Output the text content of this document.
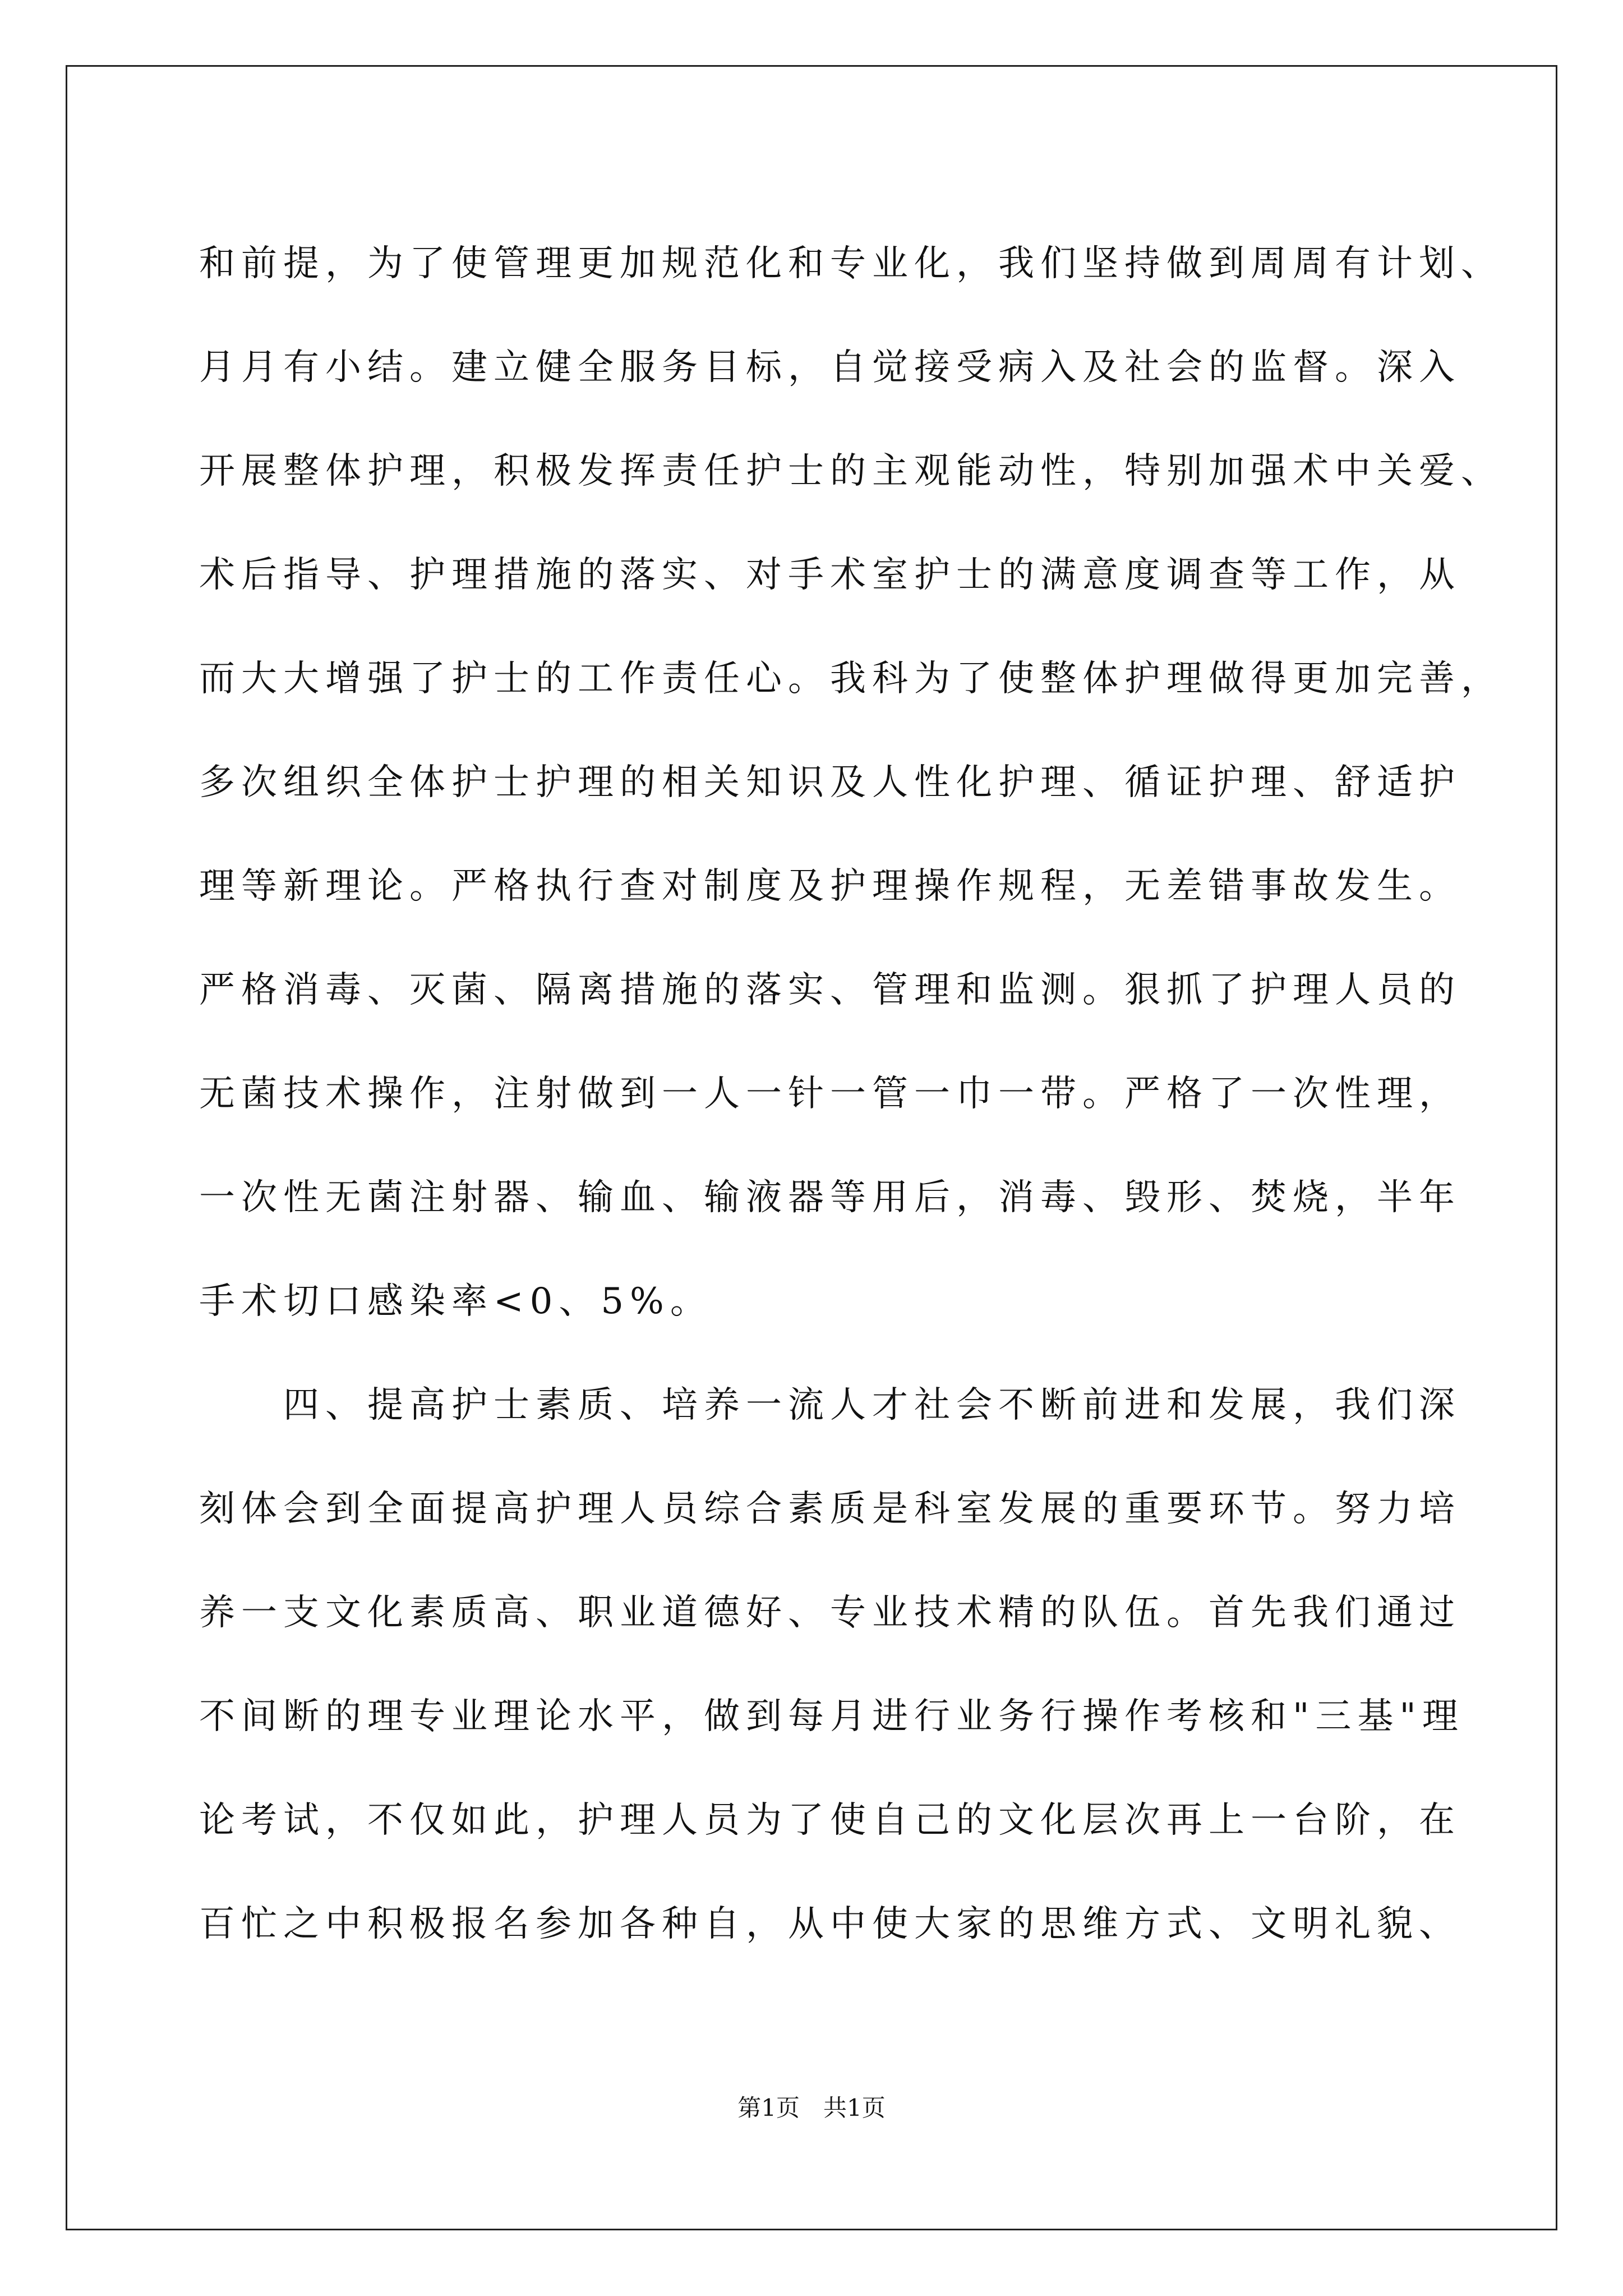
和前提，为了使管理更加规范化和专业化，我们坚持做到周周有计划、
月月有小结。建立健全服务目标，自觉接受病入及社会的监督。深入
开展整体护理，积极发挥责任护士的主观能动性，特别加强术中关爱、
术后指导、护理措施的落实、对手术室护士的满意度调查等工作，从
而大大增强了护士的工作责任心。我科为了使整体护理做得更加完善，
多次组织全体护士护理的相关知识及人性化护理、循证护理、舒适护
理等新理论。严格执行查对制度及护理操作规程，无差错事故发生。
严格消毒、灭菌、隔离措施的落实、管理和监测。狠抓了护理人员的
无菌技术操作，注射做到一人一针一管一巾一带。严格了一次性理，
一次性无菌注射器、输血、输液器等用后，消毒、毁形、焚烧，半年
手术切口感染率<0、5%。
　　四、提高护士素质、培养一流人才社会不断前进和发展，我们深
刻体会到全面提高护理人员综合素质是科室发展的重要环节。努力培
养一支文化素质高、职业道德好、专业技术精的队伍。首先我们通过
不间断的理专业理论水平，做到每月进行业务行操作考核和"三基"理
论考试，不仅如此，护理人员为了使自己的文化层次再上一台阶，在
百忙之中积极报名参加各种自，从中使大家的思维方式、文明礼貌、
第1页　共1页
